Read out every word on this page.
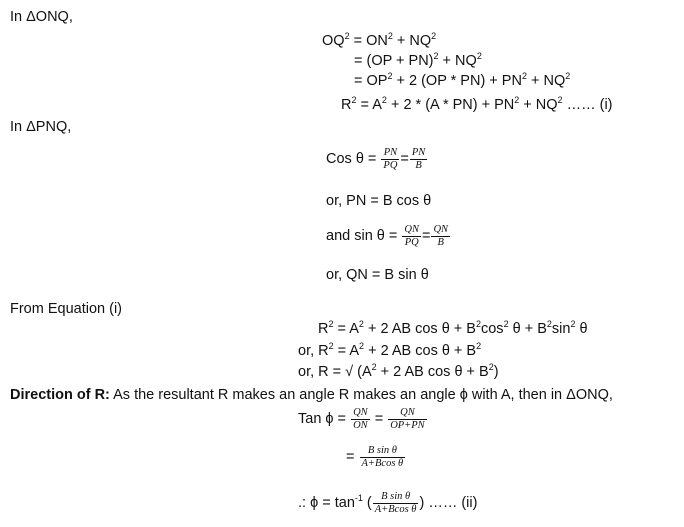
In ΔONQ,
$OQ^2 = ON^2 + NQ^2$
= $(OP + PN)^2 + NQ^2$
= $OP^2 + 2$ $(OP * PN) + PN^2 + NQ^2$
$R^2 = A^2 + 2 * (A * PN) + PN^2 + NQ^2$ …… (i)
In ΔPNQ,
Cos $\theta = \frac{PN}{PQ} = \frac{PN}{B}$
or, PN = B cos θ
and $\sin \theta = \frac{QN}{PQ} = \frac{QN}{B}$
or, QN = B sin θ
From Equation (i)
$R^2 = A^2 + 2$ AB $\cos \theta + B^2\cos^2$ $\theta + B^2\sin^2$ θ
or, $R^2 = A^2 + 2$ AB $\cos \theta + B^2$
or, R = √ ($A^2 + 2$ AB $\cos \theta + B^2$)
Direction of R: As the resultant R makes an angle R makes an angle ϕ with A, then in ΔONQ,
Tan $\phi = \frac{QN}{ON} = \frac{QN}{OP+PN}$
= $\frac{\text{B sin θ}}{\text{A+Bcos θ}}$
.: $\phi = \tan^{-1}$ ( $\frac{\text{B sin θ}}{\text{A+Bcos θ}}$ ) …… (ii)
